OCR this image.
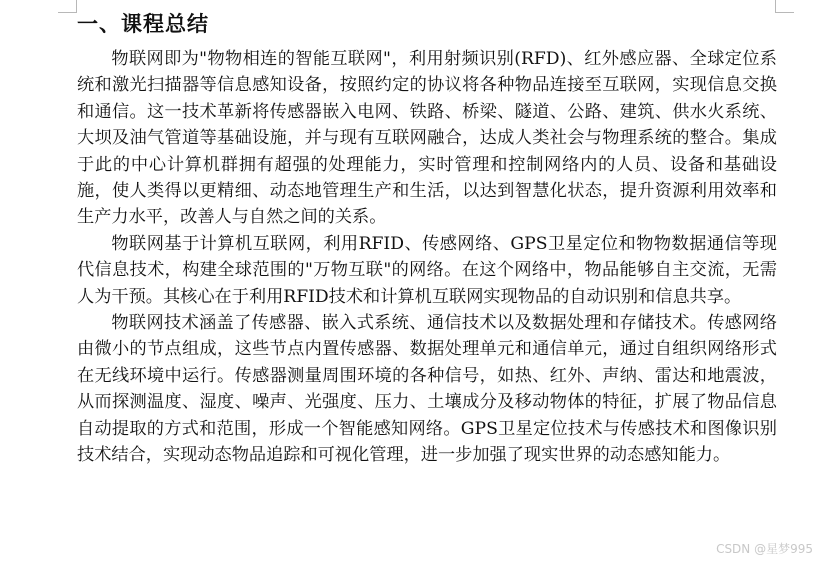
一、课程总结

物联网即为"物物相连的智能互联网"，利用射频识别(RFD)、红外感应器、全球定位系统和激光扫描器等信息感知设备，按照约定的协议将各种物品连接至互联网，实现信息交换和通信。这一技术革新将传感器嵌入电网、铁路、桥梁、隧道、公路、建筑、供水火系统、大坝及油气管道等基础设施，并与现有互联网融合，达成人类社会与物理系统的整合。集成于此的中心计算机群拥有超强的处理能力，实时管理和控制网络内的人员、设备和基础设施，使人类得以更精细、动态地管理生产和生活，以达到智慧化状态，提升资源利用效率和生产力水平，改善人与自然之间的关系。

物联网基于计算机互联网，利用RFID、传感网络、GPS卫星定位和物物数据通信等现代信息技术，构建全球范围的"万物互联"的网络。在这个网络中，物品能够自主交流，无需人为干预。其核心在于利用RFID技术和计算机互联网实现物品的自动识别和信息共享。

物联网技术涵盖了传感器、嵌入式系统、通信技术以及数据处理和存储技术。传感网络由微小的节点组成，这些节点内置传感器、数据处理单元和通信单元，通过自组织网络形式在无线环境中运行。传感器测量周围环境的各种信号，如热、红外、声纳、雷达和地震波，从而探测温度、湿度、噪声、光强度、压力、土壤成分及移动物体的特征，扩展了物品信息自动提取的方式和范围，形成一个智能感知网络。GPS卫星定位技术与传感技术和图像识别技术结合，实现动态物品追踪和可视化管理，进一步加强了现实世界的动态感知能力。

CSDN @星梦995
